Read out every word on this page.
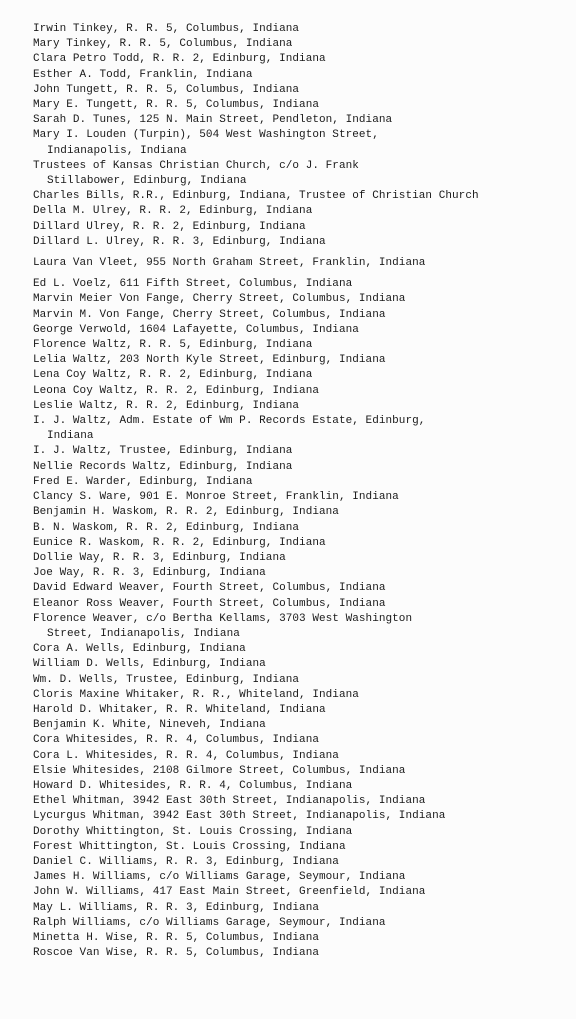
Irwin Tinkey, R. R. 5, Columbus, Indiana
Mary Tinkey, R. R. 5, Columbus, Indiana
Clara Petro Todd, R. R. 2, Edinburg, Indiana
Esther A. Todd, Franklin, Indiana
John Tungett, R. R. 5, Columbus, Indiana
Mary E. Tungett, R. R. 5, Columbus, Indiana
Sarah D. Tunes, 125 N. Main Street, Pendleton, Indiana
Mary I. Louden (Turpin), 504 West Washington Street,
Indianapolis, Indiana
Trustees of Kansas Christian Church, c/o J. Frank
Stillabower, Edinburg, Indiana
Charles Bills, R.R., Edinburg, Indiana, Trustee of Christian Church
Della M. Ulrey, R. R. 2, Edinburg, Indiana
Dillard Ulrey, R. R. 2, Edinburg, Indiana
Dillard L. Ulrey, R. R. 3, Edinburg, Indiana
Laura Van Vleet, 955 North Graham Street, Franklin, Indiana
Ed L. Voelz, 611 Fifth Street, Columbus, Indiana
Marvin Meier Von Fange, Cherry Street, Columbus, Indiana
Marvin M. Von Fange, Cherry Street, Columbus, Indiana
George Verwold, 1604 Lafayette, Columbus, Indiana
Florence Waltz, R. R. 5, Edinburg, Indiana
Lelia Waltz, 203 North Kyle Street, Edinburg, Indiana
Lena Coy Waltz, R. R. 2, Edinburg, Indiana
Leona Coy Waltz, R. R. 2, Edinburg, Indiana
Leslie Waltz, R. R. 2, Edinburg, Indiana
I. J. Waltz, Adm. Estate of Wm P. Records Estate, Edinburg,
Indiana
I. J. Waltz, Trustee, Edinburg, Indiana
Nellie Records Waltz, Edinburg, Indiana
Fred E. Warder, Edinburg, Indiana
Clancy S. Ware, 901 E. Monroe Street, Franklin, Indiana
Benjamin H. Waskom, R. R. 2, Edinburg, Indiana
B. N. Waskom, R. R. 2, Edinburg, Indiana
Eunice R. Waskom, R. R. 2, Edinburg, Indiana
Dollie Way, R. R. 3, Edinburg, Indiana
Joe Way, R. R. 3, Edinburg, Indiana
David Edward Weaver, Fourth Street, Columbus, Indiana
Eleanor Ross Weaver, Fourth Street, Columbus, Indiana
Florence Weaver, c/o Bertha Kellams, 3703 West Washington
Street, Indianapolis, Indiana
Cora A. Wells, Edinburg, Indiana
William D. Wells, Edinburg, Indiana
Wm. D. Wells, Trustee, Edinburg, Indiana
Cloris Maxine Whitaker, R. R., Whiteland, Indiana
Harold D. Whitaker, R. R. Whiteland, Indiana
Benjamin K. White, Nineveh, Indiana
Cora Whitesides, R. R. 4, Columbus, Indiana
Cora L. Whitesides, R. R. 4, Columbus, Indiana
Elsie Whitesides, 2108 Gilmore Street, Columbus, Indiana
Howard D. Whitesides, R. R. 4, Columbus, Indiana
Ethel Whitman, 3942 East 30th Street, Indianapolis, Indiana
Lycurgus Whitman, 3942 East 30th Street, Indianapolis, Indiana
Dorothy Whittington, St. Louis Crossing, Indiana
Forest Whittington, St. Louis Crossing, Indiana
Daniel C. Williams, R. R. 3, Edinburg, Indiana
James H. Williams, c/o Williams Garage, Seymour, Indiana
John W. Williams, 417 East Main Street, Greenfield, Indiana
May L. Williams, R. R. 3, Edinburg, Indiana
Ralph Williams, c/o Williams Garage, Seymour, Indiana
Minetta H. Wise, R. R. 5, Columbus, Indiana
Roscoe Van Wise, R. R. 5, Columbus, Indiana
